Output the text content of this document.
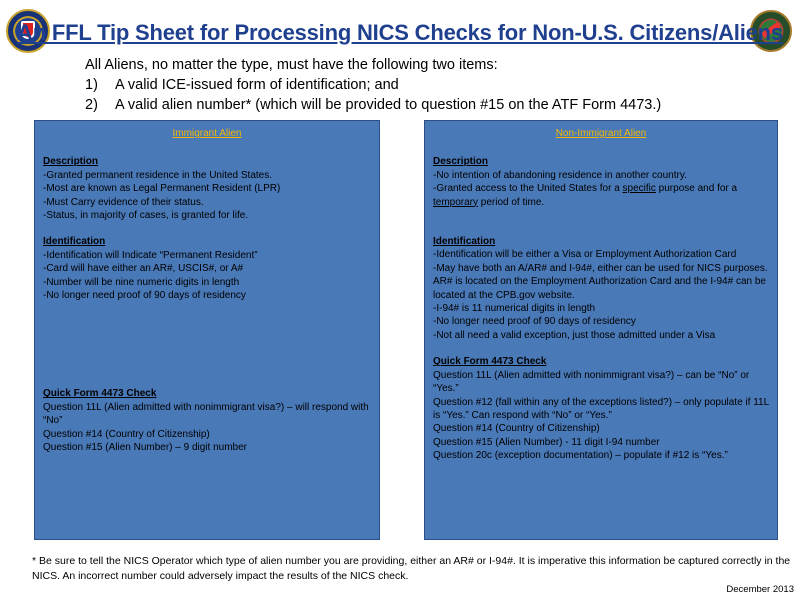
An FFL Tip Sheet for Processing NICS Checks for Non-U.S. Citizens/Aliens
All Aliens, no matter the type, must have the following two items:
1)	A valid ICE-issued form of identification; and
2)	A valid alien number* (which will be provided to question #15 on the ATF Form 4473.)
Immigrant Alien
Description
-Granted permanent residence in the United States.
-Most are known as Legal Permanent Resident (LPR)
-Must Carry evidence of their status.
-Status, in majority of cases, is granted for life.
Identification
-Identification will Indicate “Permanent Resident”
-Card will have either an AR#, USCIS#, or A#
-Number will be nine numeric digits in length
-No longer need proof of 90 days of residency
Quick Form 4473 Check
Question 11L (Alien admitted with nonimmigrant visa?) – will respond with “No”
Question #14 (Country of Citizenship)
Question #15 (Alien Number) – 9 digit number
Non-Immigrant Alien
Description
-No intention of abandoning residence in another country.
-Granted access to the United States for a specific purpose and for a temporary period of time.
Identification
-Identification will be either a Visa or Employment Authorization Card
-May have both an A/AR# and I-94#, either can be used for NICS purposes. AR# is located on the Employment Authorization Card and the I-94# can be located at the CPB.gov website.
-I-94# is 11 numerical digits in length
-No longer need proof of 90 days of residency
-Not all need a valid exception, just those admitted under a Visa
Quick Form 4473 Check
Question 11L (Alien admitted with nonimmigrant visa?) – can be “No” or “Yes.”
Question #12 (fall within any of the exceptions listed?) – only populate if 11L is “Yes.” Can respond with “No” or “Yes.”
Question #14 (Country of Citizenship)
Question #15 (Alien Number) - 11 digit I-94 number
Question 20c (exception documentation) – populate if #12 is “Yes.”

* Be sure to tell the NICS Operator which type of alien number you are providing, either an AR# or I-94#. It is imperative this information be captured correctly in the NICS. An incorrect number could adversely impact the results of the NICS check.

December 2013
